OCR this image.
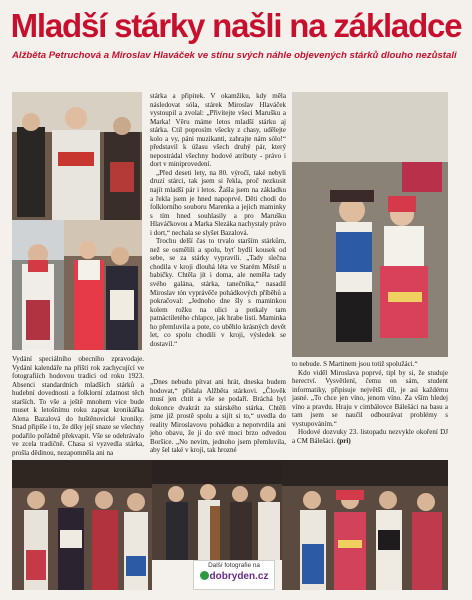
Mladší stárky našli na základce
Alžběta Petruchová a Miroslav Hlaváček ve stínu svých náhle objevených stárků dlouho nezůstali

Vydání speciálního obecního zpravodaje. Vydání kalendáře na příští rok zachycující ve fotografiích hodovou tradici od roku 1923. Absenci standardních mladších stárků a hudební dovednosti a folklorní zdatnost těch starších. To vše a ještě mnohem více bude muset k letošnímu roku zapsat kronikářka Alena Bazalová do huštěnovické kroniky. Snad připíše i to, že díky její snaze se všechny podařilo pořádně překvapit. Vše se odehrávalo ve zcela tradičně. Chasa si vyzvedla stárka, prošla dědinou, nezapomněla ani na

stárka a připitek. V okamžiku, kdy měla následovat sóla, stárek Miroslav Hlaváček vystoupil a zvolal: „Přivítejte všeci Marušku a Marka! Věru máme letos mladší stárku aj stárka. Ctil poprosím všecky z chasy, udělejte kolo a vy, páni muzikanti, zahrajte nám sólo!“ představil k úžasu všech druhý pár, který nepostrádal všechny hodové atributy - právo i dort v miniprovedení.

„Před deseti lety, na 80. výročí, také nebyli druzí stárci, tak jsem si řekla, proč nezkusit najít mladší pár i letos. Žašla jsem na základku a řekla jsem je hned napoprvé. Děti chodí do folklorního souboru Marenka a jejich maminky s tím hned souhlasily a pro Marušku Hlaváčkovou a Marka Slezáka nachystaly právo i dort,“ nechala se slyšet Bazalová.

Trochu delší čas to trvalo starším stárkům, než se osmělili a spolu, byť bydlí kousek od sebe, se za stárky vypravili. „Tady slečna chodila v kroji dlouhá léta ve Starém Městě u babičky. Chtěla jít i doma, ale neměla tady svého galána, stárka, tanečníka,“ nasadil Miroslav tón vyprávěče pohádkových příběhů a pokračoval: „Jednoho dne šly s maminkou kolem rožku na ulici a potkaly tam patnáctiletého chlapce, jak hrabe listí. Maminka ho přemluvila a pote, co uběhlo krásných devět let, co spolu chodili v kroji, výsledek se dostavil.“

„Dnes nebudu pítvat ani hrát, dneska budem hodovat,“ přidala Alžběta stárkovi. „Člověk musí jen chtít a vše se podaří. Bráchá byl dokonce dvakrát za stárského stárka. Chtěli jsme již prostě spolu a sijít si to,“ uvedla do reality Miroslavovu pohádku a nepotvrdila ani jeho obavu, že ji do své moci brzo odvedou Boršice. „No nevím, jednoho jsem přemluvila, aby šel také v kroji, tak hrozné

to nebude. S Martinem jsou totiž spolužáci.“

Kdo viděl Miroslava poprvé, tipl by si, že studuje herectví. Vysvětlení, čemu on sám, student informatiky, připisuje největší díl, je asi každému jasné. „To chce jen víno, jenom víno. Za vším hledej víno a pravdu. Hraju v cimbálovce Bálešáci na basu a tam jsem se naučil odbourávat problémy s vystupováním.“

Hodové dozvuky 23. listopadu nezvykle okoření DJ a CM Bálešáci. (pri)

Další fotografie na
dobryden.cz
